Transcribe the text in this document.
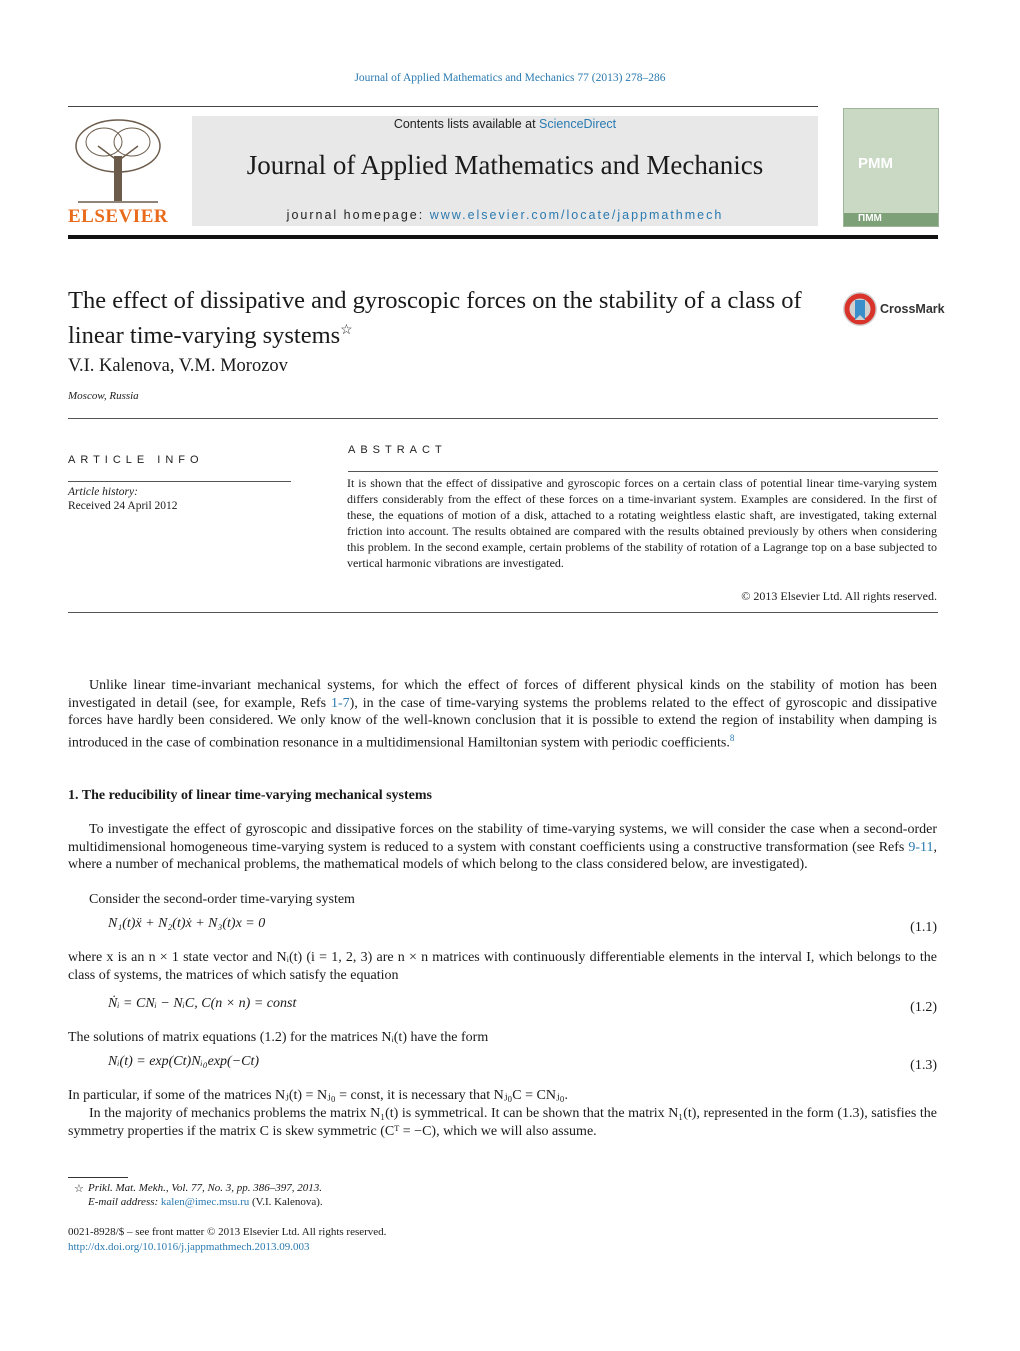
Journal of Applied Mathematics and Mechanics 77 (2013) 278–286
ELSEVIER
Contents lists available at ScienceDirect
Journal of Applied Mathematics and Mechanics
journal homepage: www.elsevier.com/locate/jappmathmech
PMM
ПММ
The effect of dissipative and gyroscopic forces on the stability of a class of linear time-varying systems☆
CrossMark
V.I. Kalenova, V.M. Morozov
Moscow, Russia
ARTICLE INFO
Article history:
Received 24 April 2012
ABSTRACT
It is shown that the effect of dissipative and gyroscopic forces on a certain class of potential linear time-varying system differs considerably from the effect of these forces on a time-invariant system. Examples are considered. In the first of these, the equations of motion of a disk, attached to a rotating weightless elastic shaft, are investigated, taking external friction into account. The results obtained are compared with the results obtained previously by others when considering this problem. In the second example, certain problems of the stability of rotation of a Lagrange top on a base subjected to vertical harmonic vibrations are investigated.
© 2013 Elsevier Ltd. All rights reserved.
Unlike linear time-invariant mechanical systems, for which the effect of forces of different physical kinds on the stability of motion has been investigated in detail (see, for example, Refs 1-7), in the case of time-varying systems the problems related to the effect of gyroscopic and dissipative forces have hardly been considered. We only know of the well-known conclusion that it is possible to extend the region of instability when damping is introduced in the case of combination resonance in a multidimensional Hamiltonian system with periodic coefficients.$^8$
1. The reducibility of linear time-varying mechanical systems
To investigate the effect of gyroscopic and dissipative forces on the stability of time-varying systems, we will consider the case when a second-order multidimensional homogeneous time-varying system is reduced to a system with constant coefficients using a constructive transformation (see Refs 9-11, where a number of mechanical problems, the mathematical models of which belong to the class considered below, are investigated).
Consider the second-order time-varying system
N₁(t)ẍ + N₂(t)ẋ + N₃(t)x = 0	(1.1)
where x is an n × 1 state vector and Nᵢ(t) (i = 1, 2, 3) are n × n matrices with continuously differentiable elements in the interval I, which belongs to the class of systems, the matrices of which satisfy the equation
Ṅᵢ = CNᵢ − NᵢC, C(n × n) = const	(1.2)
The solutions of matrix equations (1.2) for the matrices Nᵢ(t) have the form
Nᵢ(t) = exp(Ct)Nᵢ₀exp(−Ct)	(1.3)
In particular, if some of the matrices Nⱼ(t) = Nⱼ₀ = const, it is necessary that Nⱼ₀C = CNⱼ₀.
In the majority of mechanics problems the matrix N₁(t) is symmetrical. It can be shown that the matrix N₁(t), represented in the form (1.3), satisfies the symmetry properties if the matrix C is skew symmetric (Cᵀ = −C), which we will also assume.
☆ Prikl. Mat. Mekh., Vol. 77, No. 3, pp. 386–397, 2013.
E-mail address: kalen@imec.msu.ru (V.I. Kalenova).
0021-8928/$ – see front matter © 2013 Elsevier Ltd. All rights reserved.
http://dx.doi.org/10.1016/j.jappmathmech.2013.09.003
